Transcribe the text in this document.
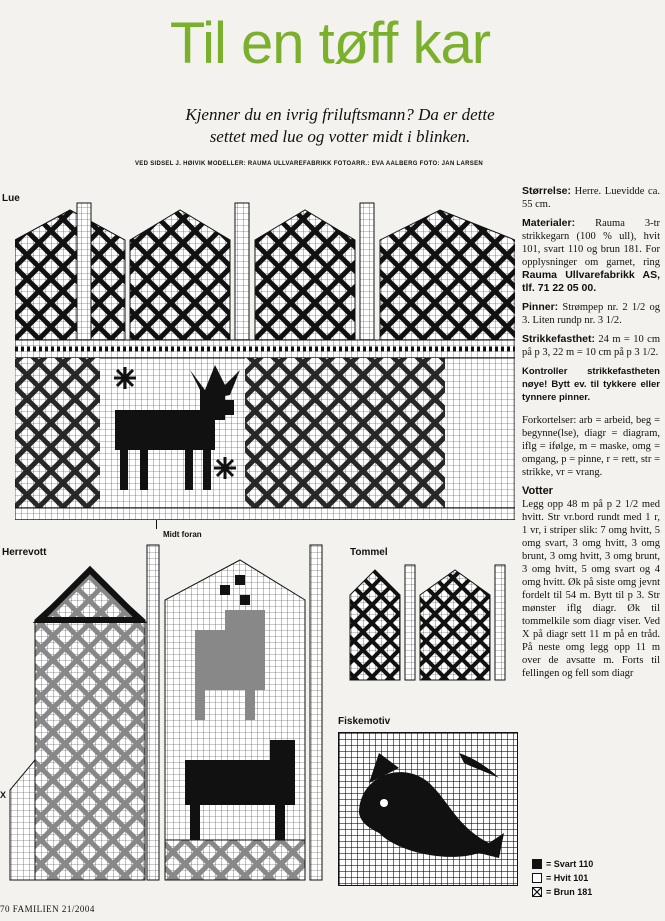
Til en tøff kar
Kjenner du en ivrig friluftsmann? Da er dette
settet med lue og votter midt i blinken.
VED SIDSEL J. HØIVIK MODELLER: RAUMA ULLVAREFABRIKK FOTOARR.: EVA AALBERG FOTO: JAN LARSEN
Lue
Midt foran
Herrevott
X
Tommel
Fiskemotiv

Størrelse: Herre. Luevidde ca. 55 cm.

Materialer: Rauma 3-tr strikkegarn (100 % ull), hvit 101, svart 110 og brun 181. For opplysninger om garnet, ring Rauma Ullvarefabrikk AS, tlf. 71 22 05 00.

Pinner: Strømpep nr. 2 1/2 og 3. Liten rundp nr. 3 1/2.

Strikkefasthet: 24 m = 10 cm på p 3, 22 m = 10 cm på p 3 1/2.

Kontroller strikkefastheten nøye! Bytt ev. til tykkere eller tynnere pinner.

Forkortelser: arb = arbeid, beg = begynne(lse), diagr = diagram, iflg = ifølge, m = maske, omg = omgang, p = pinne, r = rett, str = strikke, vr = vrang.

Votter

Legg opp 48 m på p 2 1/2 med hvitt. Str vr.bord rundt med 1 r, 1 vr, i striper slik: 7 omg hvitt, 5 omg svart, 3 omg hvitt, 3 omg brunt, 3 omg hvitt, 3 omg brunt, 3 omg hvitt, 5 omg svart og 4 omg hvitt. Øk på siste omg jevnt fordelt til 54 m. Bytt til p 3. Str mønster iflg diagr. Øk til tommelkile som diagr viser. Ved X på diagr sett 11 m på en tråd. På neste omg legg opp 11 m over de avsatte m. Forts til fellingen og fell som diagr

= Svart 110
= Hvit 101
= Brun 181
70 FAMILIEN 21/2004
